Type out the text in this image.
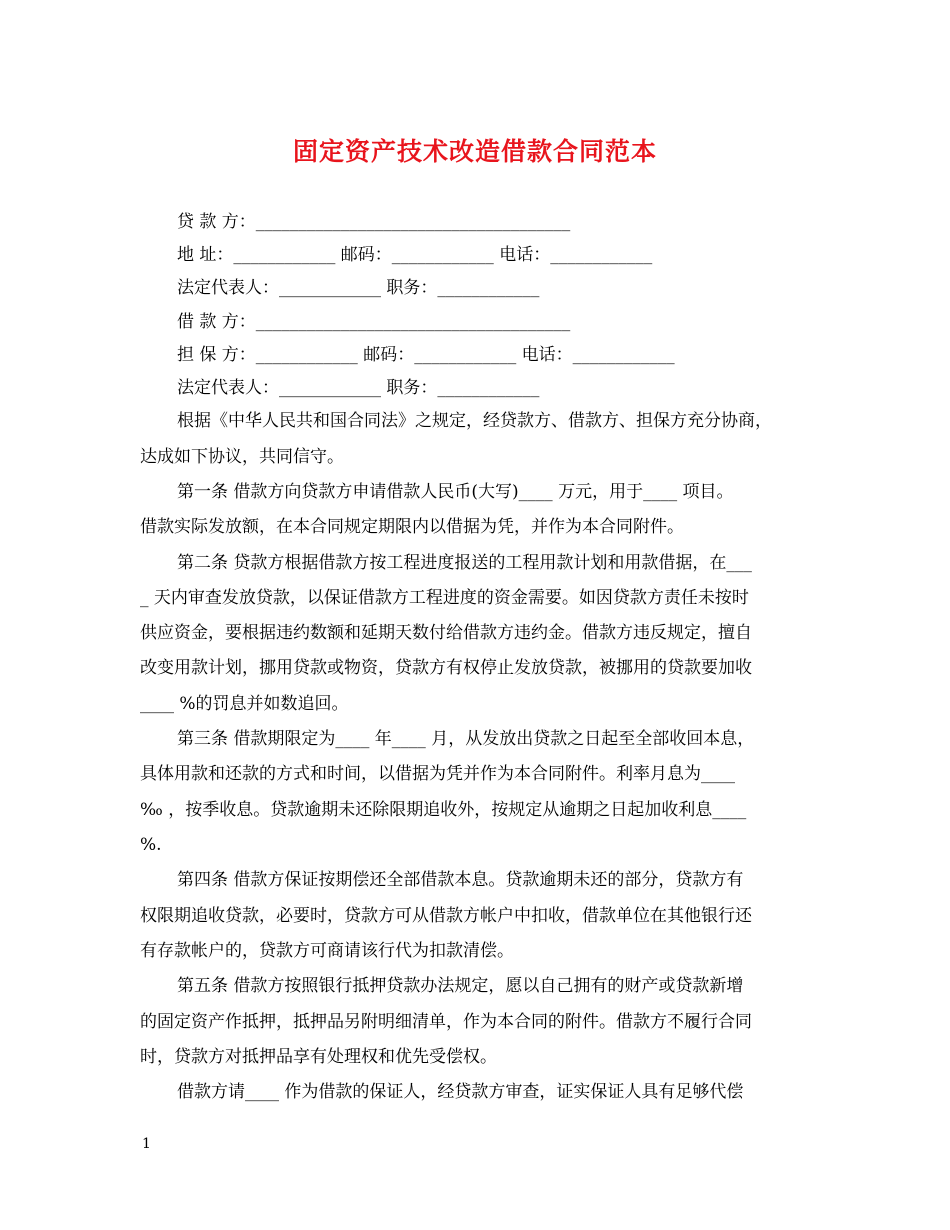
固定资产技术改造借款合同范本
贷 款 方：_____________________________________
地 址：____________ 邮码：____________ 电话：____________
法定代表人：____________ 职务：____________
借 款 方：_____________________________________
担 保 方：____________ 邮码：____________ 电话：____________
法定代表人：____________ 职务：____________
根据《中华人民共和国合同法》之规定，经贷款方、借款方、担保方充分协商，
达成如下协议，共同信守。
第一条 借款方向贷款方申请借款人民币(大写)____ 万元，用于____ 项目。
借款实际发放额，在本合同规定期限内以借据为凭，并作为本合同附件。
第二条 贷款方根据借款方按工程进度报送的工程用款计划和用款借据，在___
_ 天内审查发放贷款，以保证借款方工程进度的资金需要。如因贷款方责任未按时
供应资金，要根据违约数额和延期天数付给借款方违约金。借款方违反规定，擅自
改变用款计划，挪用贷款或物资，贷款方有权停止发放贷款，被挪用的贷款要加收
____ %的罚息并如数追回。
第三条 借款期限定为____ 年____ 月，从发放出贷款之日起至全部收回本息，
具体用款和还款的方式和时间，以借据为凭并作为本合同附件。利率月息为____
‰ ，按季收息。贷款逾期未还除限期追收外，按规定从逾期之日起加收利息____
%.
第四条 借款方保证按期偿还全部借款本息。贷款逾期未还的部分，贷款方有
权限期追收贷款，必要时，贷款方可从借款方帐户中扣收，借款单位在其他银行还
有存款帐户的，贷款方可商请该行代为扣款清偿。
第五条 借款方按照银行抵押贷款办法规定，愿以自己拥有的财产或贷款新增
的固定资产作抵押，抵押品另附明细清单，作为本合同的附件。借款方不履行合同
时，贷款方对抵押品享有处理权和优先受偿权。
借款方请____ 作为借款的保证人，经贷款方审查，证实保证人具有足够代偿
1
